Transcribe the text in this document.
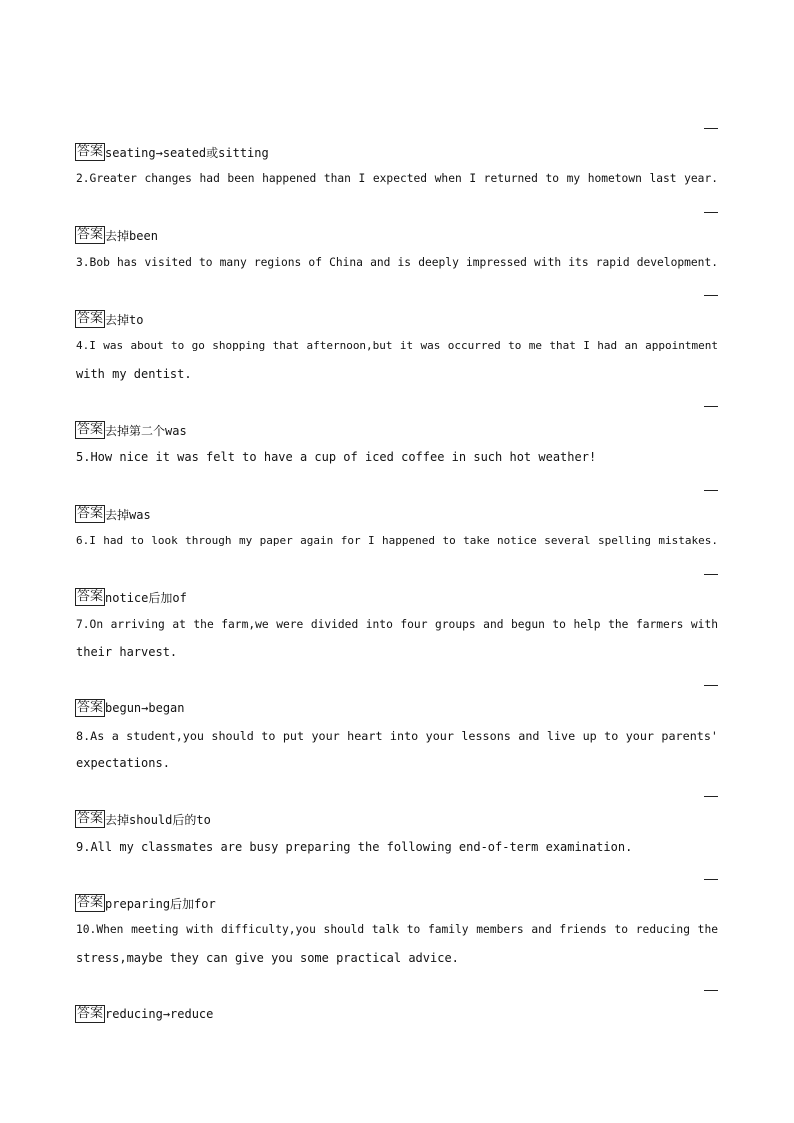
答案 seating→seated或sitting
2.Greater changes had been happened than I expected when I returned to my hometown last year.
答案 去掉been
3.Bob has visited to many regions of China and is deeply impressed with its rapid development.
答案 去掉to
4.I was about to go shopping that afternoon,but it was occurred to me that I had an appointment
with my dentist.
答案 去掉第二个was
5.How nice it was felt to have a cup of iced coffee in such hot weather!
答案 去掉was
6.I had to look through my paper again for I happened to take notice several spelling mistakes.
答案 notice后加of
7.On arriving at the farm,we were divided into four groups and begun to help the farmers with
their harvest.
答案 begun→began
8.As a student,you should to put your heart into your lessons and live up to your parents'
expectations.
答案 去掉should后的to
9.All my classmates are busy preparing the following end-of-term examination.
答案 preparing后加for
10.When meeting with difficulty,you should talk to family members and friends to reducing the
stress,maybe they can give you some practical advice.
答案 reducing→reduce
